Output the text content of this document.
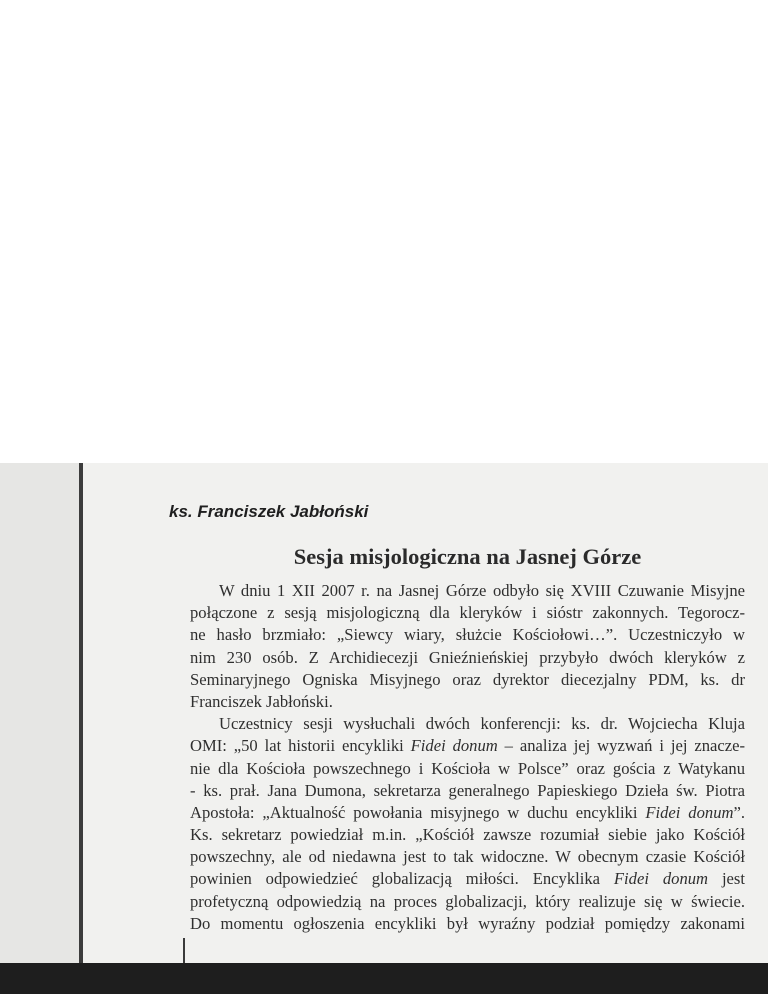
ks. Franciszek Jabłoński
Sesja misjologiczna na Jasnej Górze
W dniu 1 XII 2007 r. na Jasnej Górze odbyło się XVIII Czuwanie Misyjne
połączone z sesją misjologiczną dla kleryków i sióstr zakonnych. Tegorocz-
ne hasło brzmiało: „Siewcy wiary, służcie Kościołowi…”. Uczestniczyło w
nim 230 osób. Z Archidiecezji Gnieźnieńskiej przybyło dwóch kleryków z
Seminaryjnego Ogniska Misyjnego oraz dyrektor diecezjalny PDM, ks. dr
Franciszek Jabłoński.
Uczestnicy sesji wysłuchali dwóch konferencji: ks. dr. Wojciecha Kluja
OMI: „50 lat historii encykliki Fidei donum – analiza jej wyzwań i jej znacze-
nie dla Kościoła powszechnego i Kościoła w Polsce” oraz gościa z Watykanu
- ks. prał. Jana Dumona, sekretarza generalnego Papieskiego Dzieła św. Piotra
Apostoła: „Aktualność powołania misyjnego w duchu encykliki Fidei donum”.
Ks. sekretarz powiedział m.in. „Kościół zawsze rozumiał siebie jako Kościół
powszechny, ale od niedawna jest to tak widoczne. W obecnym czasie Kościół
powinien odpowiedzieć globalizacją miłości. Encyklika Fidei donum jest
profetyczną odpowiedzią na proces globalizacji, który realizuje się w świecie.
Do momentu ogłoszenia encykliki był wyraźny podział pomiędzy zakonami
